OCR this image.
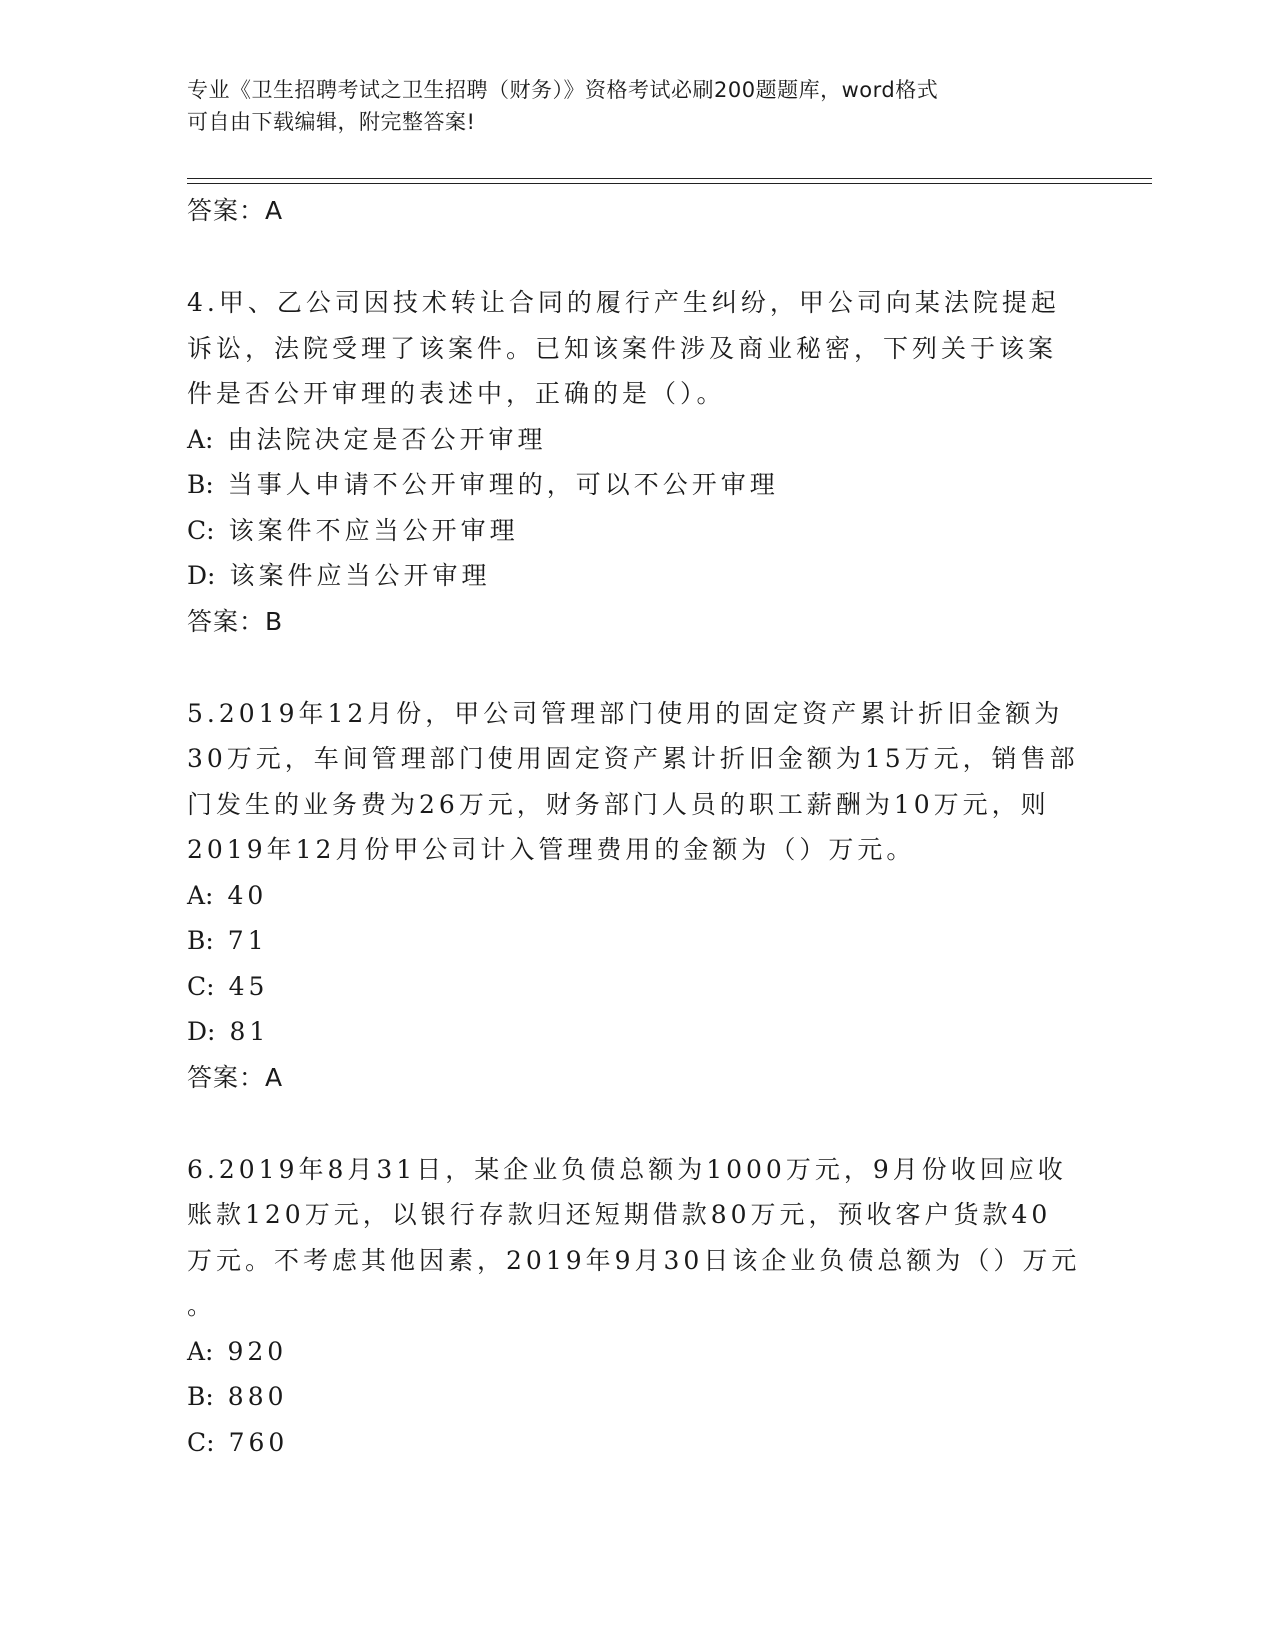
专业《卫生招聘考试之卫生招聘（财务）》资格考试必刷200题题库，word格式
可自由下载编辑，附完整答案!
答案：A
4.甲、乙公司因技术转让合同的履行产生纠纷，甲公司向某法院提起
诉讼，法院受理了该案件。已知该案件涉及商业秘密，下列关于该案
件是否公开审理的表述中，正确的是（）。
A: 由法院决定是否公开审理
B: 当事人申请不公开审理的，可以不公开审理
C: 该案件不应当公开审理
D: 该案件应当公开审理
答案：B
5.2019年12月份，甲公司管理部门使用的固定资产累计折旧金额为
30万元，车间管理部门使用固定资产累计折旧金额为15万元，销售部
门发生的业务费为26万元，财务部门人员的职工薪酬为10万元，则
2019年12月份甲公司计入管理费用的金额为（）万元。
A: 40
B: 71
C: 45
D: 81
答案：A
6.2019年8月31日，某企业负债总额为1000万元，9月份收回应收
账款120万元，以银行存款归还短期借款80万元，预收客户货款40
万元。不考虑其他因素，2019年9月30日该企业负债总额为（）万元
。
A: 920
B: 880
C: 760
